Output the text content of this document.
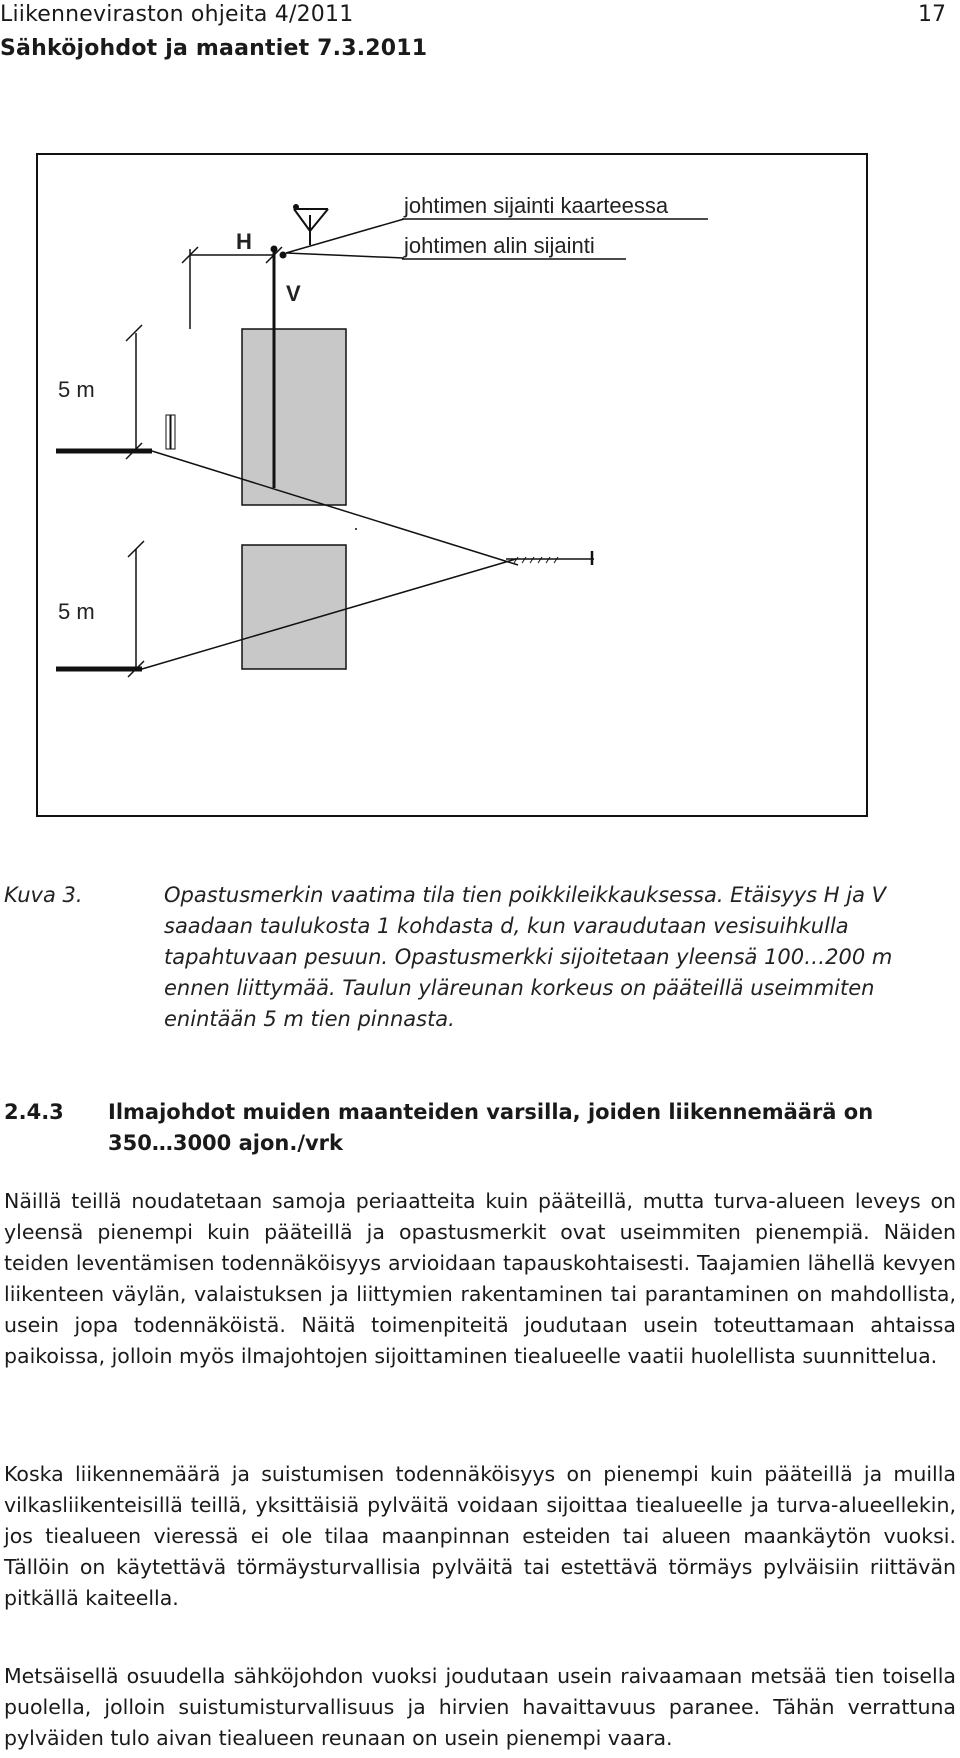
Liikenneviraston ohjeita 4/2011
Sähköjohdot ja maantiet 7.3.2011
17
johtimen sijainti kaarteessa
johtimen alin sijainti
H
V
5 m
5 m
Kuva 3.	Opastusmerkin vaatima tila tien poikkileikkauksessa. Etäisyys H ja V saadaan taulukosta 1 kohdasta d, kun varaudutaan vesisuihkulla tapahtuvaan pesuun. Opastusmerkki sijoitetaan yleensä 100…200 m ennen liittymää. Taulun yläreunan korkeus on pääteillä useimmiten enintään 5 m tien pinnasta.
2.4.3 Ilmajohdot muiden maanteiden varsilla, joiden liikennemäärä on 350…3000 ajon./vrk

Näillä teillä noudatetaan samoja periaatteita kuin pääteillä, mutta turva-alueen leveys on yleensä pienempi kuin pääteillä ja opastusmerkit ovat useimmiten pienempiä. Näiden teiden leventämisen todennäköisyys arvioidaan tapauskohtaisesti. Taajamien lähellä kevyen liikenteen väylän, valaistuksen ja liittymien rakentaminen tai parantaminen on mahdollista, usein jopa todennäköistä. Näitä toimenpiteitä joudutaan usein toteuttamaan ahtaissa paikoissa, jolloin myös ilmajohtojen sijoittaminen tiealueelle vaatii huolellista suunnittelua.

Koska liikennemäärä ja suistumisen todennäköisyys on pienempi kuin pääteillä ja muilla vilkasliikenteisillä teillä, yksittäisiä pylväitä voidaan sijoittaa tiealueelle ja turva-alueellekin, jos tiealueen vieressä ei ole tilaa maanpinnan esteiden tai alueen maankäytön vuoksi. Tällöin on käytettävä törmäysturvallisia pylväitä tai estettävä törmäys pylväisiin riittävän pitkällä kaiteella.

Metsäisellä osuudella sähköjohdon vuoksi joudutaan usein raivaamaan metsää tien toisella puolella, jolloin suistumisturvallisuus ja hirvien havaittavuus paranee. Tähän verrattuna pylväiden tulo aivan tiealueen reunaan on usein pienempi vaara.
